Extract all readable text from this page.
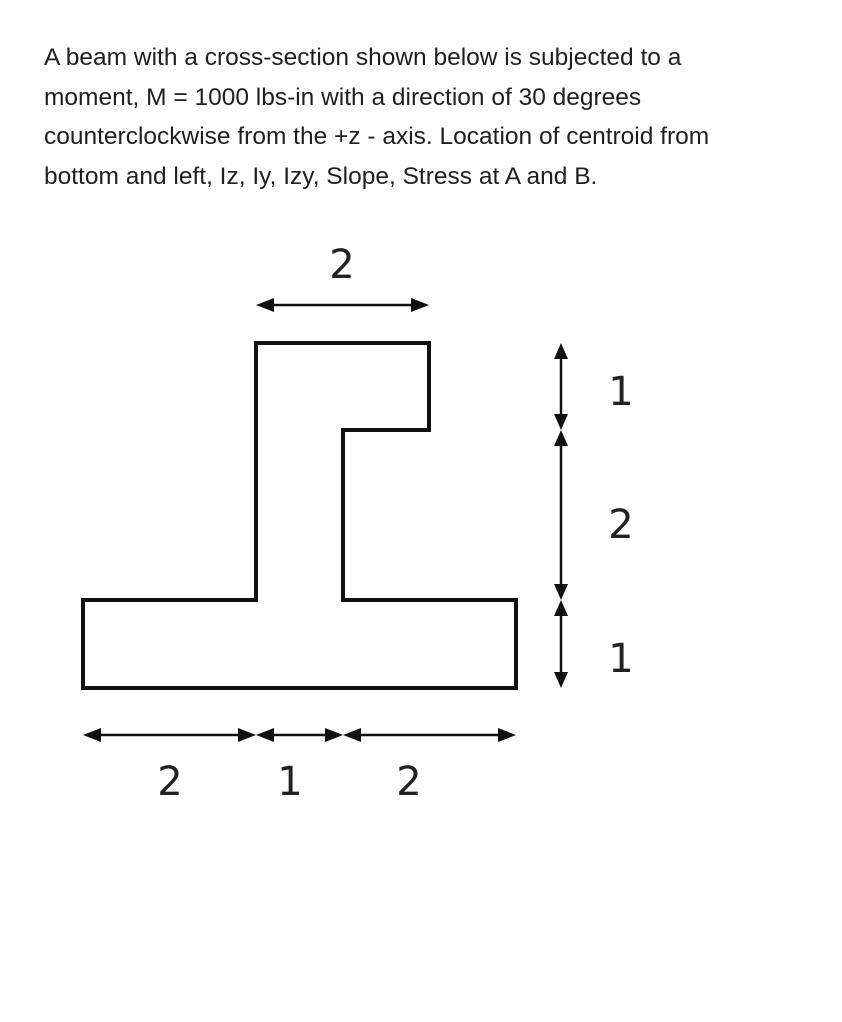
A beam with a cross-section shown below is subjected to a
moment, M = 1000 lbs-in with a direction of 30 degrees
counterclockwise from the +z - axis. Location of centroid from
bottom and left, Iz, Iy, Izy, Slope, Stress at A and B.

2
1
2
1
2 1 2
